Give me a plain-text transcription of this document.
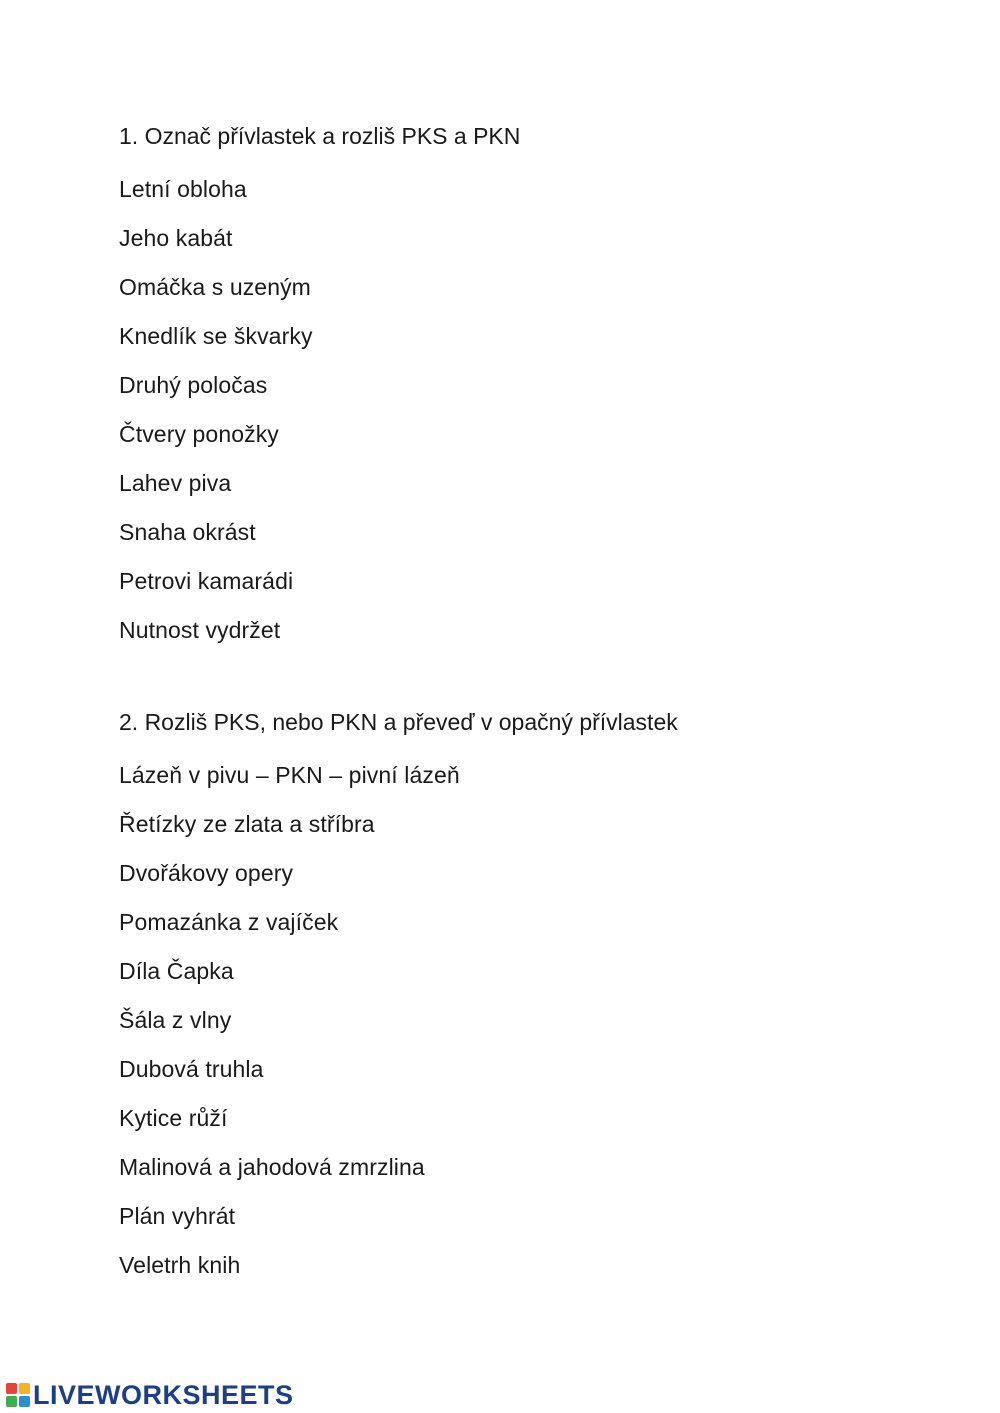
1. Označ přívlastek a rozliš PKS a PKN
Letní obloha
Jeho kabát
Omáčka s uzeným
Knedlík se škvarky
Druhý poločas
Čtvery ponožky
Lahev piva
Snaha okrást
Petrovi kamarádi
Nutnost vydržet
2. Rozliš PKS, nebo PKN a převeď v opačný přívlastek
Lázeň v pivu – PKN – pivní lázeň
Řetízky ze zlata a stříbra
Dvořákovy opery
Pomazánka z vajíček
Díla Čapka
Šála z vlny
Dubová truhla
Kytice růží
Malinová a jahodová zmrzlina
Plán vyhrát
Veletrh knih
LIVEWORKSHEETS
